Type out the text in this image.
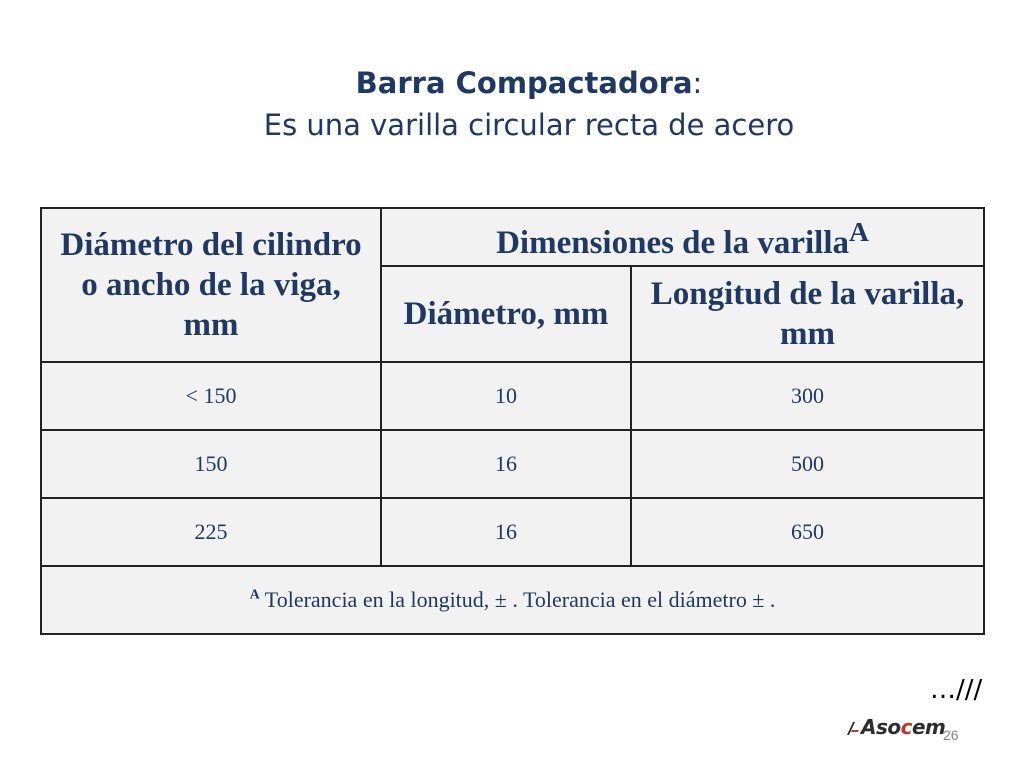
Barra Compactadora:
Es una varilla circular recta de acero
Diámetro del cilindro o ancho de la viga, mm	Dimensiones de la varilla$^A$
	Diámetro, mm	Longitud de la varilla, mm
< 150	10	300
150	16	500
225	16	650
$^A$ Tolerancia en la longitud, ± . Tolerancia en el diámetro ± .		
…///
Asocem
26
